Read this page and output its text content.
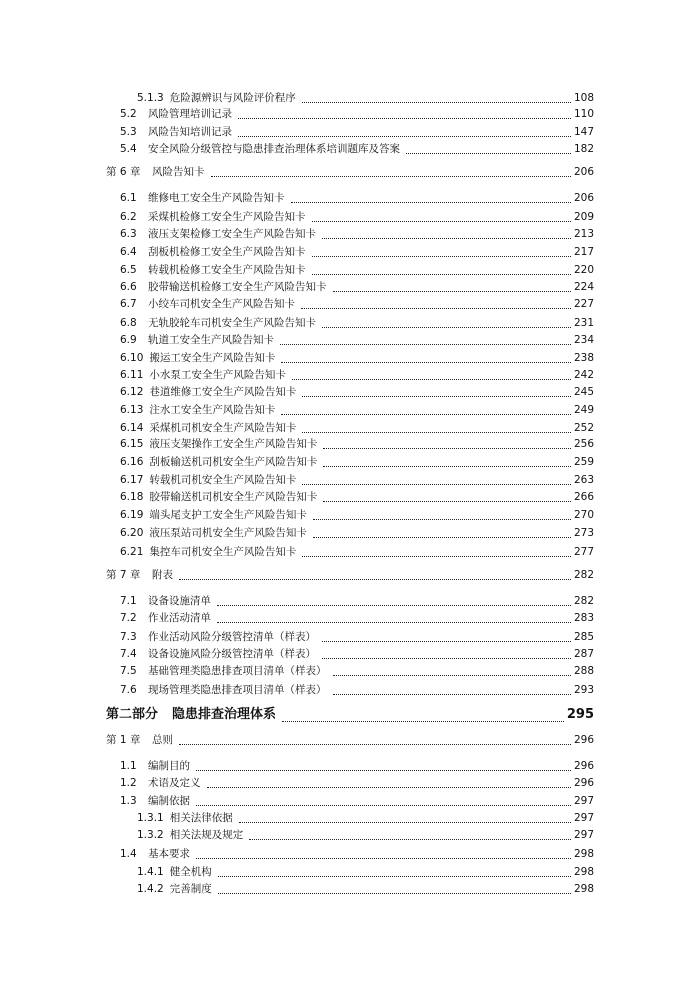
5.1.3 危险源辨识与风险评价程序	108
5.2	风险管理培训记录	110
5.3	风险告知培训记录	147
5.4	安全风险分级管控与隐患排查治理体系培训题库及答案	182
第 6 章	风险告知卡	206
6.1	维修电工安全生产风险告知卡	206
6.2	采煤机检修工安全生产风险告知卡	209
6.3	液压支架检修工安全生产风险告知卡	213
6.4	刮板机检修工安全生产风险告知卡	217
6.5	转载机检修工安全生产风险告知卡	220
6.6	胶带输送机检修工安全生产风险告知卡	224
6.7	小绞车司机安全生产风险告知卡	227
6.8	无轨胶轮车司机安全生产风险告知卡	231
6.9	轨道工安全生产风险告知卡	234
6.10 搬运工安全生产风险告知卡	238
6.11 小水泵工安全生产风险告知卡	242
6.12 巷道维修工安全生产风险告知卡	245
6.13 注水工安全生产风险告知卡	249
6.14 采煤机司机安全生产风险告知卡	252
6.15 液压支架操作工安全生产风险告知卡	256
6.16 刮板输送机司机安全生产风险告知卡	259
6.17 转载机司机安全生产风险告知卡	263
6.18 胶带输送机司机安全生产风险告知卡	266
6.19 端头尾支护工安全生产风险告知卡	270
6.20 液压泵站司机安全生产风险告知卡	273
6.21 集控车司机安全生产风险告知卡	277
第 7 章	附表	282
7.1	设备设施清单	282
7.2	作业活动清单	283
7.3	作业活动风险分级管控清单（样表）	285
7.4	设备设施风险分级管控清单（样表）	287
7.5	基础管理类隐患排查项目清单（样表）	288
7.6	现场管理类隐患排查项目清单（样表）	293
第二部分	隐患排查治理体系	295
第 1 章	总则	296
1.1	编制目的	296
1.2	术语及定义	296
1.3	编制依据	297
1.3.1 相关法律依据	297
1.3.2 相关法规及规定	297
1.4	基本要求	298
1.4.1 健全机构	298
1.4.2 完善制度	298
